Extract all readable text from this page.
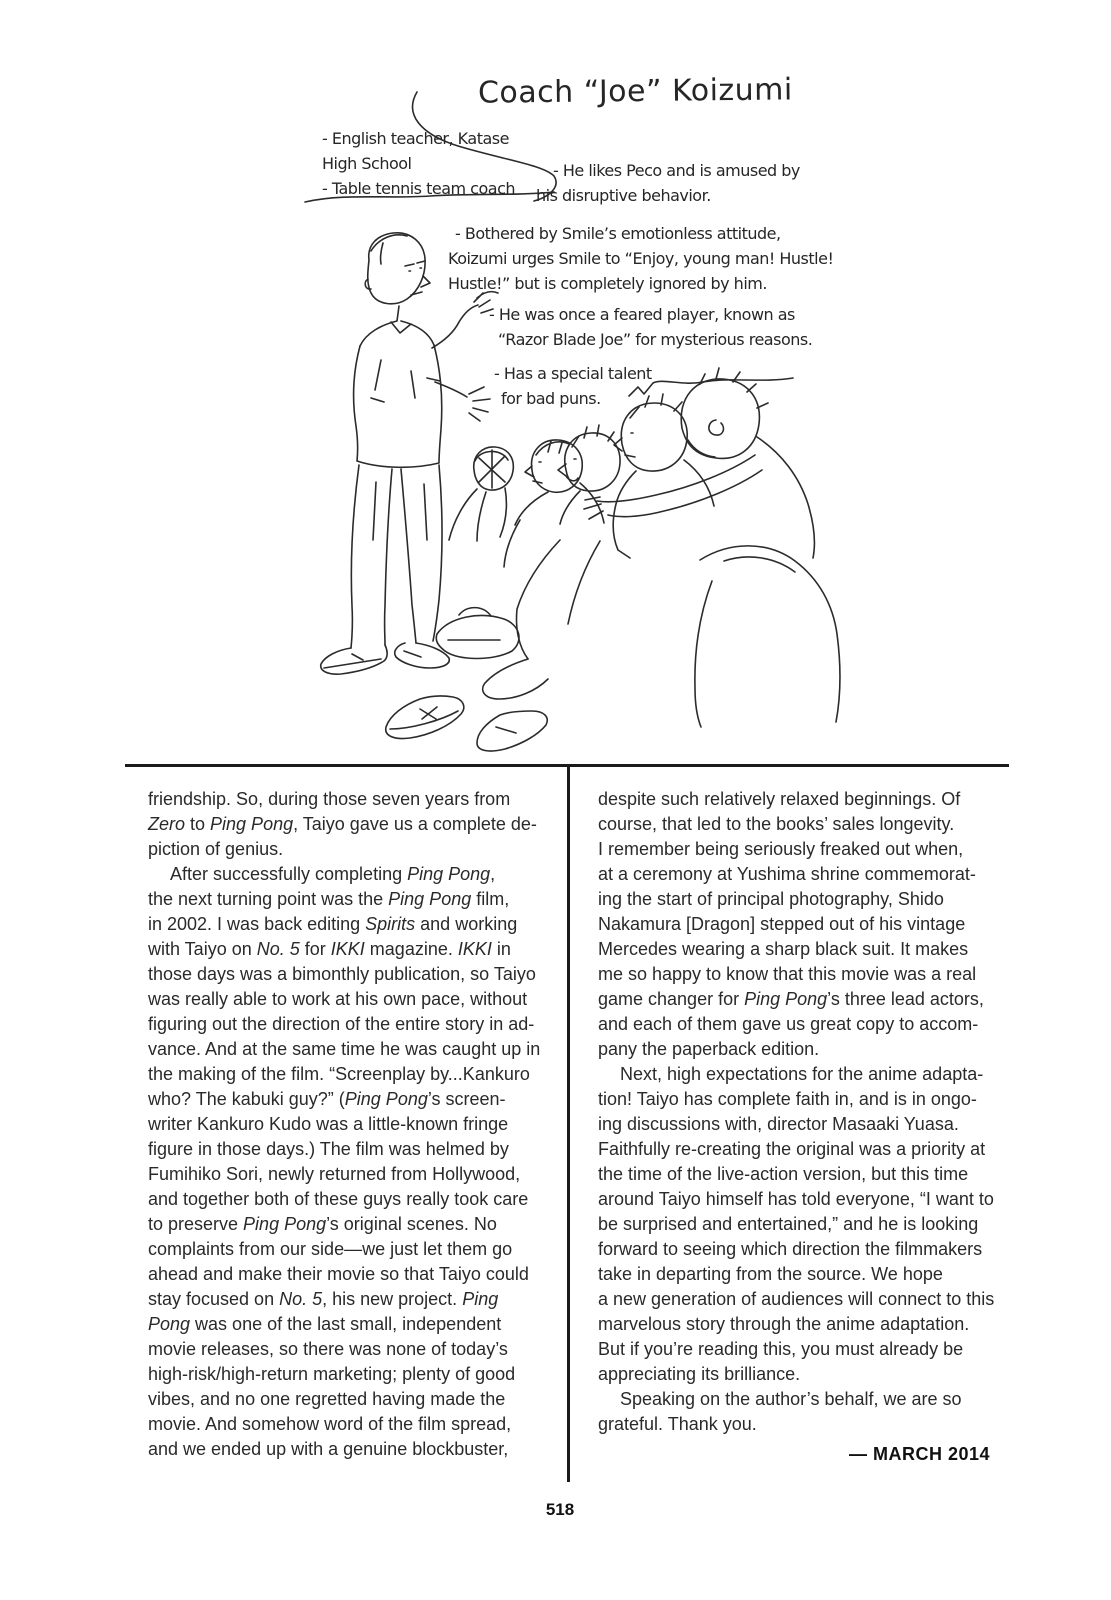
Coach “Joe” Koizumi
- English teacher, Katase
High School
- Table tennis team coach
- He likes Peco and is amused by
his disruptive behavior.
- Bothered by Smile’s emotionless attitude,
Koizumi urges Smile to “Enjoy, young man! Hustle!
Hustle!” but is completely ignored by him.
- He was once a feared player, known as
“Razor Blade Joe” for mysterious reasons.
- Has a special talent
for bad puns.
friendship. So, during those seven years from
Zero to Ping Pong, Taiyo gave us a complete de-
piction of genius.
After successfully completing Ping Pong,
the next turning point was the Ping Pong film,
in 2002. I was back editing Spirits and working
with Taiyo on No. 5 for IKKI magazine. IKKI in
those days was a bimonthly publication, so Taiyo
was really able to work at his own pace, without
figuring out the direction of the entire story in ad-
vance. And at the same time he was caught up in
the making of the film. “Screenplay by...Kankuro
who? The kabuki guy?” (Ping Pong’s screen-
writer Kankuro Kudo was a little-known fringe
figure in those days.) The film was helmed by
Fumihiko Sori, newly returned from Hollywood,
and together both of these guys really took care
to preserve Ping Pong’s original scenes. No
complaints from our side—we just let them go
ahead and make their movie so that Taiyo could
stay focused on No. 5, his new project. Ping
Pong was one of the last small, independent
movie releases, so there was none of today’s
high-risk/high-return marketing; plenty of good
vibes, and no one regretted having made the
movie. And somehow word of the film spread,
and we ended up with a genuine blockbuster,
despite such relatively relaxed beginnings. Of
course, that led to the books’ sales longevity.
I remember being seriously freaked out when,
at a ceremony at Yushima shrine commemorat-
ing the start of principal photography, Shido
Nakamura [Dragon] stepped out of his vintage
Mercedes wearing a sharp black suit. It makes
me so happy to know that this movie was a real
game changer for Ping Pong’s three lead actors,
and each of them gave us great copy to accom-
pany the paperback edition.
Next, high expectations for the anime adapta-
tion! Taiyo has complete faith in, and is in ongo-
ing discussions with, director Masaaki Yuasa.
Faithfully re-creating the original was a priority at
the time of the live-action version, but this time
around Taiyo himself has told everyone, “I want to
be surprised and entertained,” and he is looking
forward to seeing which direction the filmmakers
take in departing from the source. We hope
a new generation of audiences will connect to this
marvelous story through the anime adaptation.
But if you’re reading this, you must already be
appreciating its brilliance.
Speaking on the author’s behalf, we are so
grateful. Thank you.
— MARCH 2014
518
